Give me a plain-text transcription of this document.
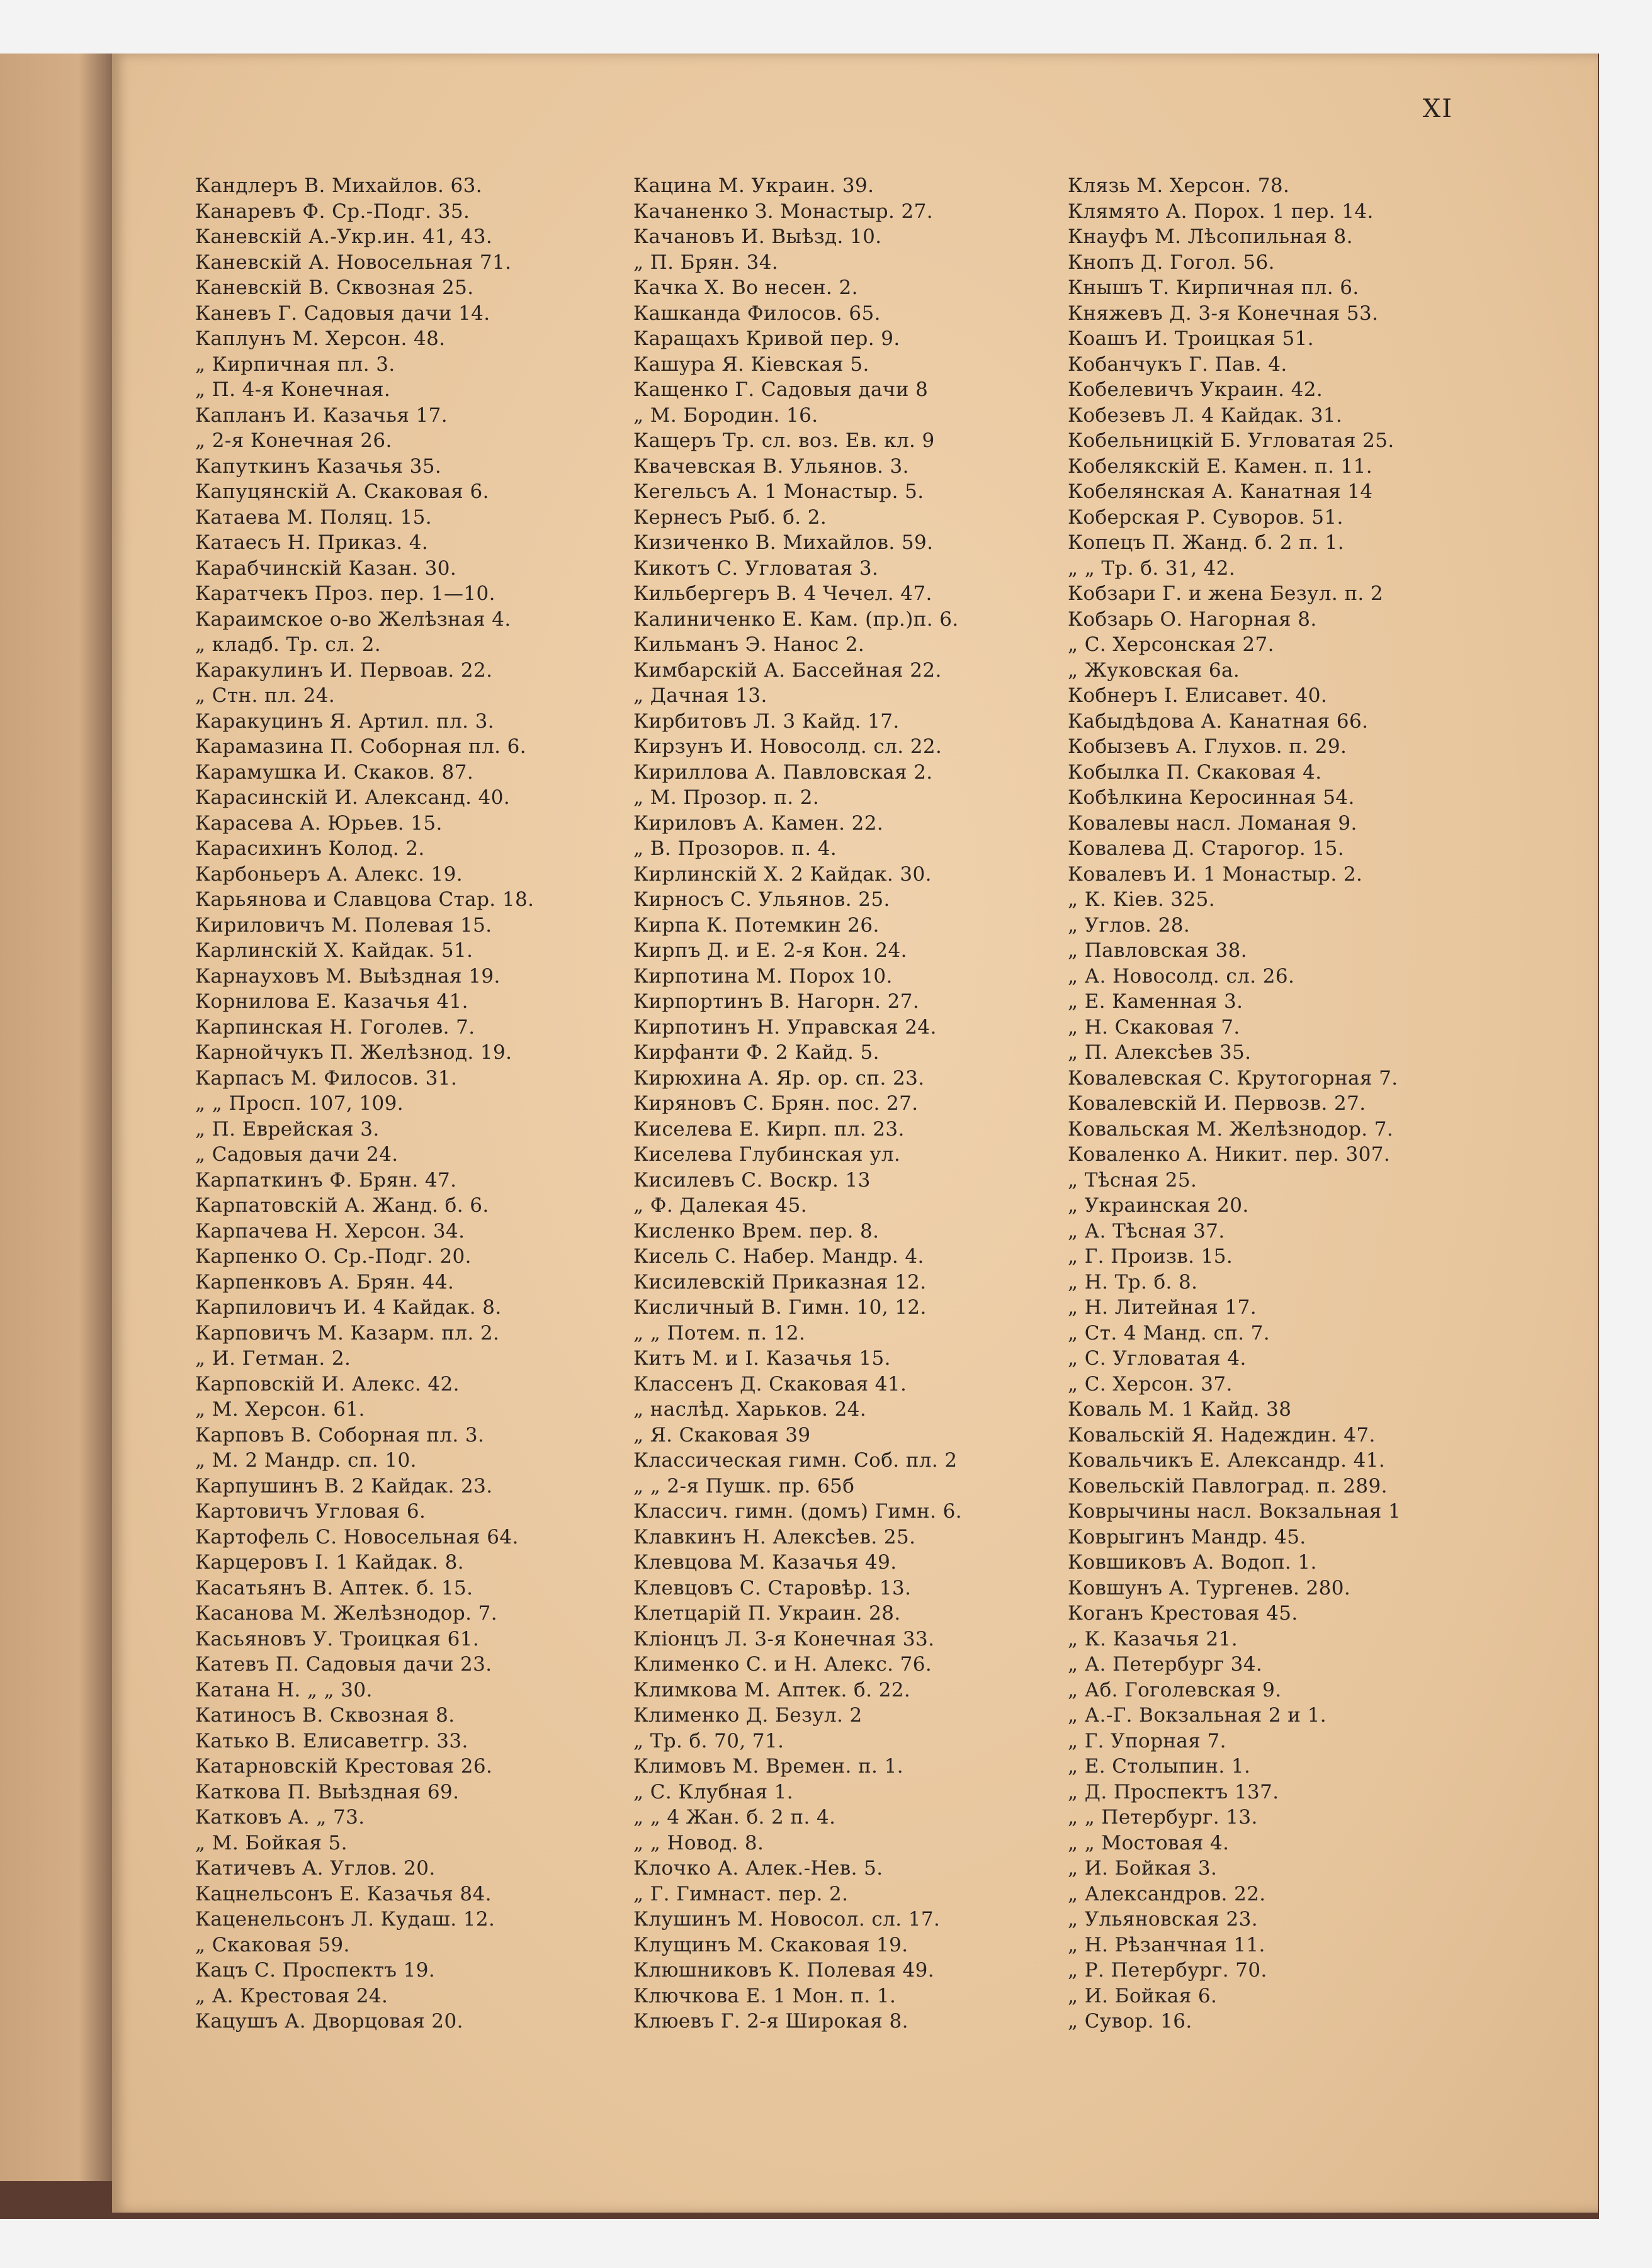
XI
Кандлеръ В. Михайлов. 63.
Канаревъ Ф. Ср.-Подг. 35.
Каневскій А.-Укр.ин. 41, 43.
Каневскій А. Новосельная 71.
Каневскій В. Сквозная 25.
Каневъ Г. Садовыя дачи 14.
Каплунъ М. Херсон. 48.
„ Кирпичная пл. 3.
„ П. 4-я Конечная.
Капланъ И. Казачья 17.
„ 2-я Конечная 26.
Капуткинъ Казачья 35.
Капуцянскій А. Скаковая 6.
Катаева М. Поляц. 15.
Катаесъ Н. Приказ. 4.
Карабчинскій Казан. 30.
Каратчекъ Проз. пер. 1—10.
Караимское о-во Желѣзная 4.
„ кладб. Тр. сл. 2.
Каракулинъ И. Первоав. 22.
„ Стн. пл. 24.
Каракуцинъ Я. Артил. пл. 3.
Карамазина П. Соборная пл. 6.
Карамушка И. Скаков. 87.
Карасинскій И. Александ. 40.
Карасева А. Юрьев. 15.
Карасихинъ Колод. 2.
Карбоньеръ А. Алекс. 19.
Карьянова и Славцова Стар. 18.
Кириловичъ М. Полевая 15.
Карлинскій Х. Кайдак. 51.
Карнауховъ М. Выѣздная 19.
Корнилова Е. Казачья 41.
Карпинская Н. Гоголев. 7.
Карнойчукъ П. Желѣзнод. 19.
Карпасъ М. Филосов. 31.
„ „ Просп. 107, 109.
„ П. Еврейская 3.
„ Садовыя дачи 24.
Карпаткинъ Ф. Брян. 47.
Карпатовскій А. Жанд. б. 6.
Карпачева Н. Херсон. 34.
Карпенко О. Ср.-Подг. 20.
Карпенковъ А. Брян. 44.
Карпиловичъ И. 4 Кайдак. 8.
Карповичъ М. Казарм. пл. 2.
„ И. Гетман. 2.
Карповскій И. Алекс. 42.
„ М. Херсон. 61.
Карповъ В. Соборная пл. 3.
„ М. 2 Мандр. сп. 10.
Карпушинъ В. 2 Кайдак. 23.
Картовичъ Угловая 6.
Картофель С. Новосельная 64.
Карцеровъ I. 1 Кайдак. 8.
Касатьянъ В. Аптек. б. 15.
Касанова М. Желѣзнодор. 7.
Касьяновъ У. Троицкая 61.
Катевъ П. Садовыя дачи 23.
Катана Н. „ „ 30.
Катиносъ В. Сквозная 8.
Катько В. Елисаветгр. 33.
Катарновскій Крестовая 26.
Каткова П. Выѣздная 69.
Катковъ А. „ 73.
„ М. Бойкая 5.
Катичевъ А. Углов. 20.
Кацнельсонъ Е. Казачья 84.
Каценельсонъ Л. Кудаш. 12.
„ Скаковая 59.
Кацъ С. Проспектъ 19.
„ А. Крестовая 24.
Кацушъ А. Дворцовая 20.
Кацина М. Украин. 39.
Качаненко З. Монастыр. 27.
Качановъ И. Выѣзд. 10.
„ П. Брян. 34.
Качка Х. Во несен. 2.
Кашканда Филосов. 65.
Каращахъ Кривой пер. 9.
Кашура Я. Кiевская 5.
Кащенко Г. Садовыя дачи 8
„ М. Бородин. 16.
Кащеръ Тр. сл. воз. Ев. кл. 9
Квачевская В. Ульянов. 3.
Кегельсъ А. 1 Монастыр. 5.
Кернесъ Рыб. б. 2.
Кизиченко В. Михайлов. 59.
Кикотъ С. Угловатая 3.
Кильбергеръ В. 4 Чечел. 47.
Калиниченко Е. Кам. (пр.)п. 6.
Кильманъ Э. Нанос 2.
Кимбарскій А. Бассейная 22.
„ Дачная 13.
Кирбитовъ Л. 3 Кайд. 17.
Кирзунъ И. Новосолд. сл. 22.
Кириллова А. Павловская 2.
„ М. Прозор. п. 2.
Кириловъ А. Камен. 22.
„ В. Прозоров. п. 4.
Кирлинскій Х. 2 Кайдак. 30.
Кирносъ С. Ульянов. 25.
Кирпа К. Потемкин 26.
Кирпъ Д. и Е. 2-я Кон. 24.
Кирпотина М. Порох 10.
Кирпортинъ В. Нагорн. 27.
Кирпотинъ Н. Управская 24.
Кирфанти Ф. 2 Кайд. 5.
Кирюхина А. Яр. ор. сп. 23.
Киряновъ С. Брян. пос. 27.
Киселева Е. Кирп. пл. 23.
Киселева Глубинская ул.
Кисилевъ С. Воскр. 13
„ Ф. Далекая 45.
Кисленко Врем. пер. 8.
Кисель С. Набер. Мандр. 4.
Кисилевскій Приказная 12.
Кисличный В. Гимн. 10, 12.
„ „ Потем. п. 12.
Китъ М. и I. Казачья 15.
Класcенъ Д. Скаковая 41.
„ наслѣд. Харьков. 24.
„ Я. Скаковая 39
Классическая гимн. Соб. пл. 2
„ „ 2-я Пушк. пр. 65б
Классич. гимн. (домъ) Гимн. 6.
Клавкинъ Н. Алексѣев. 25.
Клевцова М. Казачья 49.
Клевцовъ С. Старовѣр. 13.
Клетцарій П. Украин. 28.
Клiонцъ Л. 3-я Конечная 33.
Клименко С. и Н. Алекс. 76.
Климкова М. Аптек. б. 22.
Клименко Д. Безул. 2
„ Тр. б. 70, 71.
Климовъ М. Времен. п. 1.
„ С. Клубная 1.
„ „ 4 Жан. б. 2 п. 4.
„ „ Новод. 8.
Клочко А. Алек.-Нев. 5.
„ Г. Гимнаст. пер. 2.
Клушинъ М. Новосол. сл. 17.
Клущинъ М. Скаковая 19.
Клюшниковъ К. Полевая 49.
Ключкова Е. 1 Мон. п. 1.
Клюевъ Г. 2-я Широкая 8.
Клязь М. Херсон. 78.
Клямято А. Порох. 1 пер. 14.
Кнауфъ М. Лѣсопильная 8.
Кнопъ Д. Гогол. 56.
Кнышъ Т. Кирпичная пл. 6.
Княжевъ Д. 3-я Конечная 53.
Коашъ И. Троицкая 51.
Кобанчукъ Г. Пав. 4.
Кобелевичъ Украин. 42.
Кобезевъ Л. 4 Кайдак. 31.
Кобельницкій Б. Угловатая 25.
Кобелякскій Е. Камен. п. 11.
Кобелянская А. Канатная 14
Коберская Р. Суворов. 51.
Копецъ П. Жанд. б. 2 п. 1.
„ „ Тр. б. 31, 42.
Кобзари Г. и жена Безул. п. 2
Кобзарь О. Нагорная 8.
„ С. Херсонская 27.
„ Жуковская 6а.
Кобнеръ I. Елисавет. 40.
Кабыдѣдова А. Канатная 66.
Кобызевъ А. Глухов. п. 29.
Кобылка П. Скаковая 4.
Кобѣлкина Керосинная 54.
Ковалевы насл. Ломаная 9.
Ковалева Д. Старогор. 15.
Ковалевъ И. 1 Монастыр. 2.
„ К. Кiев. 325.
„ Углов. 28.
„ Павловская 38.
„ А. Новосолд. сл. 26.
„ Е. Каменная 3.
„ Н. Скаковая 7.
„ П. Алексѣев 35.
Ковалевская С. Крутогорная 7.
Ковалевскій И. Первозв. 27.
Ковальская М. Желѣзнодор. 7.
Коваленко А. Никит. пер. 307.
„ Тѣсная 25.
„ Украинская 20.
„ А. Тѣсная 37.
„ Г. Произв. 15.
„ Н. Тр. б. 8.
„ Н. Литейная 17.
„ Ст. 4 Манд. сп. 7.
„ С. Угловатая 4.
„ С. Херсон. 37.
Коваль М. 1 Кайд. 38
Ковальскій Я. Надеждин. 47.
Ковальчикъ Е. Александр. 41.
Ковельскій Павлоград. п. 289.
Коврычины насл. Вокзальная 1
Коврыгинъ Мандр. 45.
Ковшиковъ А. Водоп. 1.
Ковшунъ А. Тургенев. 280.
Коганъ Крестовая 45.
„ К. Казачья 21.
„ А. Петербург 34.
„ Аб. Гоголевская 9.
„ А.-Г. Вокзальная 2 и 1.
„ Г. Упорная 7.
„ Е. Столыпин. 1.
„ Д. Проспектъ 137.
„ „ Петербург. 13.
„ „ Мостовая 4.
„ И. Бойкая 3.
„ Александров. 22.
„ Ульяновская 23.
„ Н. Рѣзанчная 11.
„ Р. Петербург. 70.
„ И. Бойкая 6.
„ Сувор. 16.
